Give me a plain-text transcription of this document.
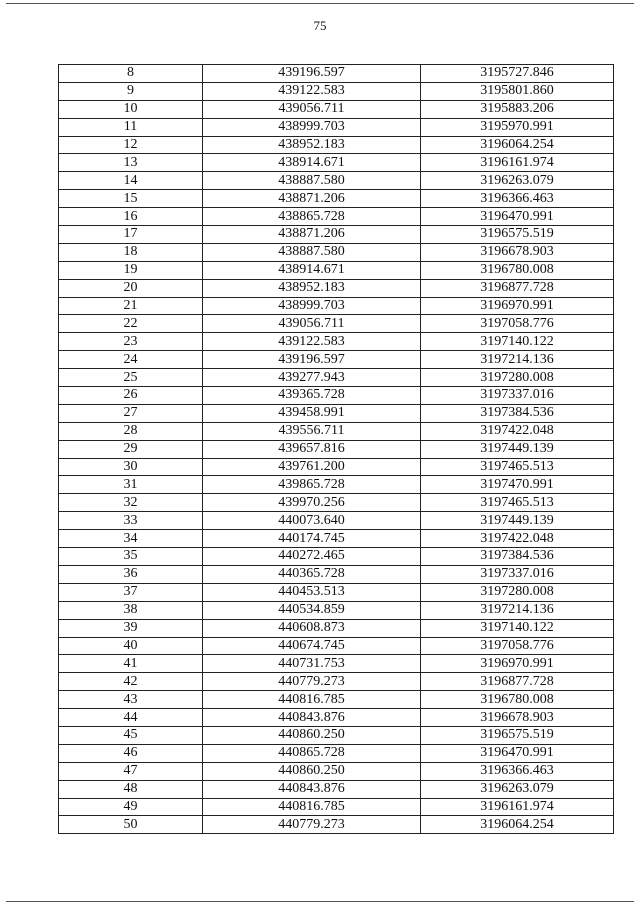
75
8	439196.597	3195727.846
9	439122.583	3195801.860
10	439056.711	3195883.206
11	438999.703	3195970.991
12	438952.183	3196064.254
13	438914.671	3196161.974
14	438887.580	3196263.079
15	438871.206	3196366.463
16	438865.728	3196470.991
17	438871.206	3196575.519
18	438887.580	3196678.903
19	438914.671	3196780.008
20	438952.183	3196877.728
21	438999.703	3196970.991
22	439056.711	3197058.776
23	439122.583	3197140.122
24	439196.597	3197214.136
25	439277.943	3197280.008
26	439365.728	3197337.016
27	439458.991	3197384.536
28	439556.711	3197422.048
29	439657.816	3197449.139
30	439761.200	3197465.513
31	439865.728	3197470.991
32	439970.256	3197465.513
33	440073.640	3197449.139
34	440174.745	3197422.048
35	440272.465	3197384.536
36	440365.728	3197337.016
37	440453.513	3197280.008
38	440534.859	3197214.136
39	440608.873	3197140.122
40	440674.745	3197058.776
41	440731.753	3196970.991
42	440779.273	3196877.728
43	440816.785	3196780.008
44	440843.876	3196678.903
45	440860.250	3196575.519
46	440865.728	3196470.991
47	440860.250	3196366.463
48	440843.876	3196263.079
49	440816.785	3196161.974
50	440779.273	3196064.254
